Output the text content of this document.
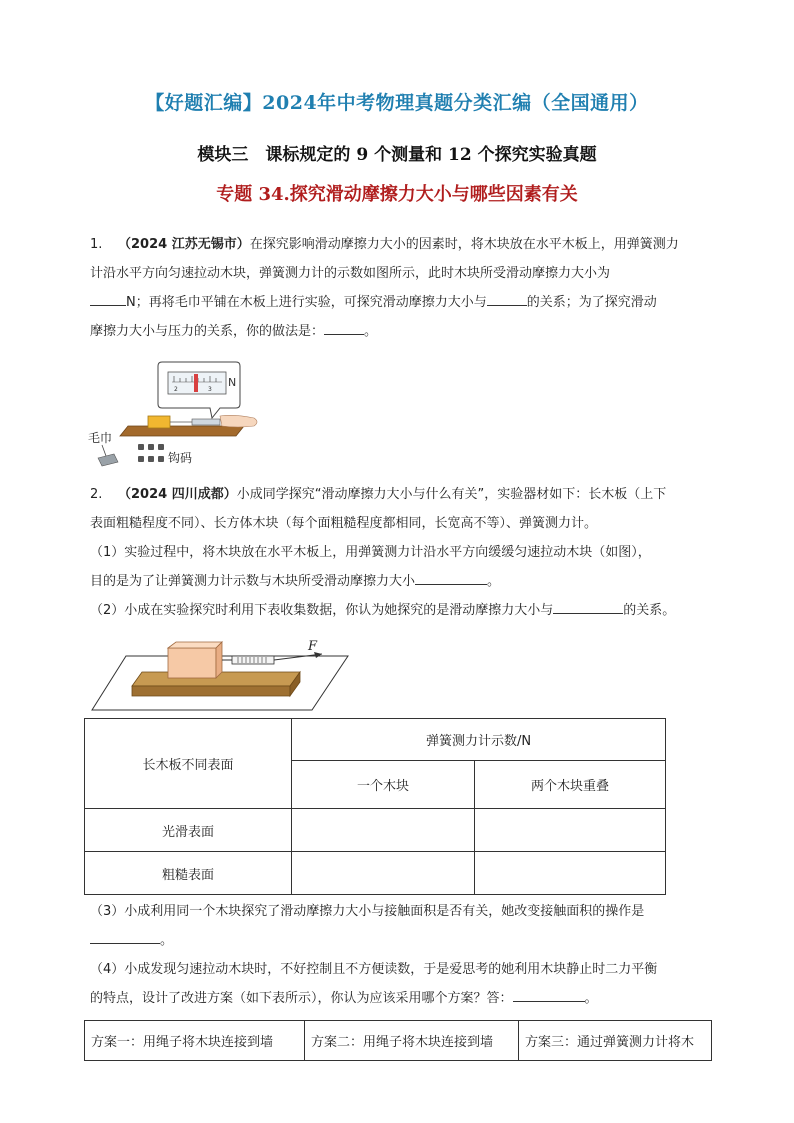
【好题汇编】2024年中考物理真题分类汇编（全国通用）
模块三　课标规定的 9 个测量和 12 个探究实验真题
专题 34.探究滑动摩擦力大小与哪些因素有关

1. （2024 江苏无锡市）在探究影响滑动摩擦力大小的因素时，将木块放在水平木板上，用弹簧测力

计沿水平方向匀速拉动木块，弹簧测力计的示数如图所示，此时木块所受滑动摩擦力大小为

N；再将毛巾平铺在木板上进行实验，可探究滑动摩擦力大小与	的关系；为了探究滑动

摩擦力大小与压力的关系，你的做法是：	。

2	3
N
毛巾
钩码

2. （2024 四川成都）小成同学探究“滑动摩擦力大小与什么有关”，实验器材如下：长木板（上下

表面粗糙程度不同）、长方体木块（每个面粗糙程度都相同，长宽高不等）、弹簧测力计。

（1）实验过程中，将木块放在水平木板上，用弹簧测力计沿水平方向缓缓匀速拉动木块（如图），

目的是为了让弹簧测力计示数与木块所受滑动摩擦力大小	。

（2）小成在实验探究时利用下表收集数据，你认为她探究的是滑动摩擦力大小与	的关系。

F
长木板不同表面	弹簧测力计示数/N	
	一个木块	两个木块重叠
光滑表面		
粗糙表面		

（3）小成利用同一个木块探究了滑动摩擦力大小与接触面积是否有关，她改变接触面积的操作是

。

（4）小成发现匀速拉动木块时，不好控制且不方便读数，于是爱思考的她利用木块静止时二力平衡

的特点，设计了改进方案（如下表所示），你认为应该采用哪个方案？答：	。

方案一：用绳子将木块连接到墙	方案二：用绳子将木块连接到墙	方案三：通过弹簧测力计将木
